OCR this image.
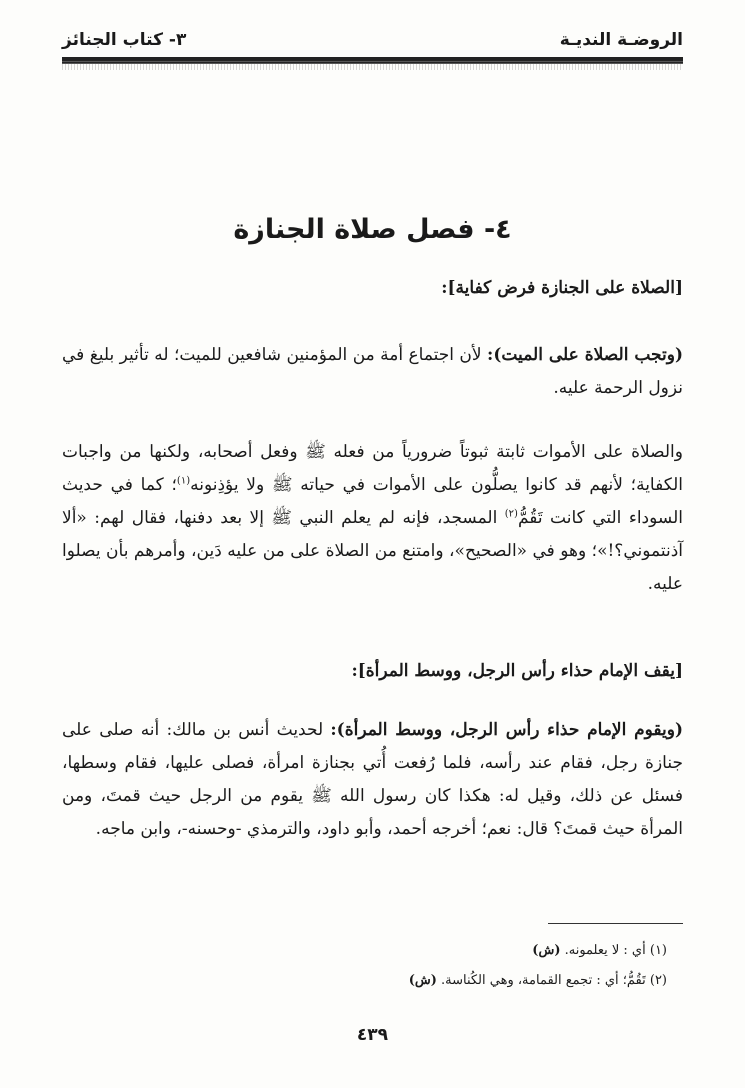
الروضـة النديـة
٣- كتاب الجنائز
٤- فصل صلاة الجنازة
[الصلاة على الجنازة فرض كفاية]:
(وتجب الصلاة على الميت): لأن اجتماع أمة من المؤمنين شافعين للميت؛ له تأثير بليغ في نزول الرحمة عليه.
والصلاة على الأموات ثابتة ثبوتاً ضرورياً من فعله ﷺ وفعل أصحابه، ولكنها من واجبات الكفاية؛ لأنهم قد كانوا يصلُّون على الأموات في حياته ﷺ ولا يؤذِنونه$^{(١)}$؛ كما في حديث السوداء التي كانت تَقُمُّ$^{(٢)}$ المسجد، فإنه لم يعلم النبي ﷺ إلا بعد دفنها، فقال لهم: «ألا آذنتموني؟!»؛ وهو في «الصحيح»، وامتنع من الصلاة على من عليه دَين، وأمرهم بأن يصلوا عليه.
[يقف الإمام حذاء رأس الرجل، ووسط المرأة]:
(ويقوم الإمام حذاء رأس الرجل، ووسط المرأة): لحديث أنس بن مالك: أنه صلى على جنازة رجل، فقام عند رأسه، فلما رُفعت أُتي بجنازة امرأة، فصلى عليها، فقام وسطها، فسئل عن ذلك، وقيل له: هكذا كان رسول الله ﷺ يقوم من الرجل حيث قمتَ، ومن المرأة حيث قمتَ؟ قال: نعم؛ أخرجه أحمد، وأبو داود، والترمذي -وحسنه-، وابن ماجه.
(١) أي : لا يعلمونه. (ش)
(٢) تَقُمُّ؛ أي : تجمع القمامة، وهي الكُناسة. (ش)
٤٣٩
